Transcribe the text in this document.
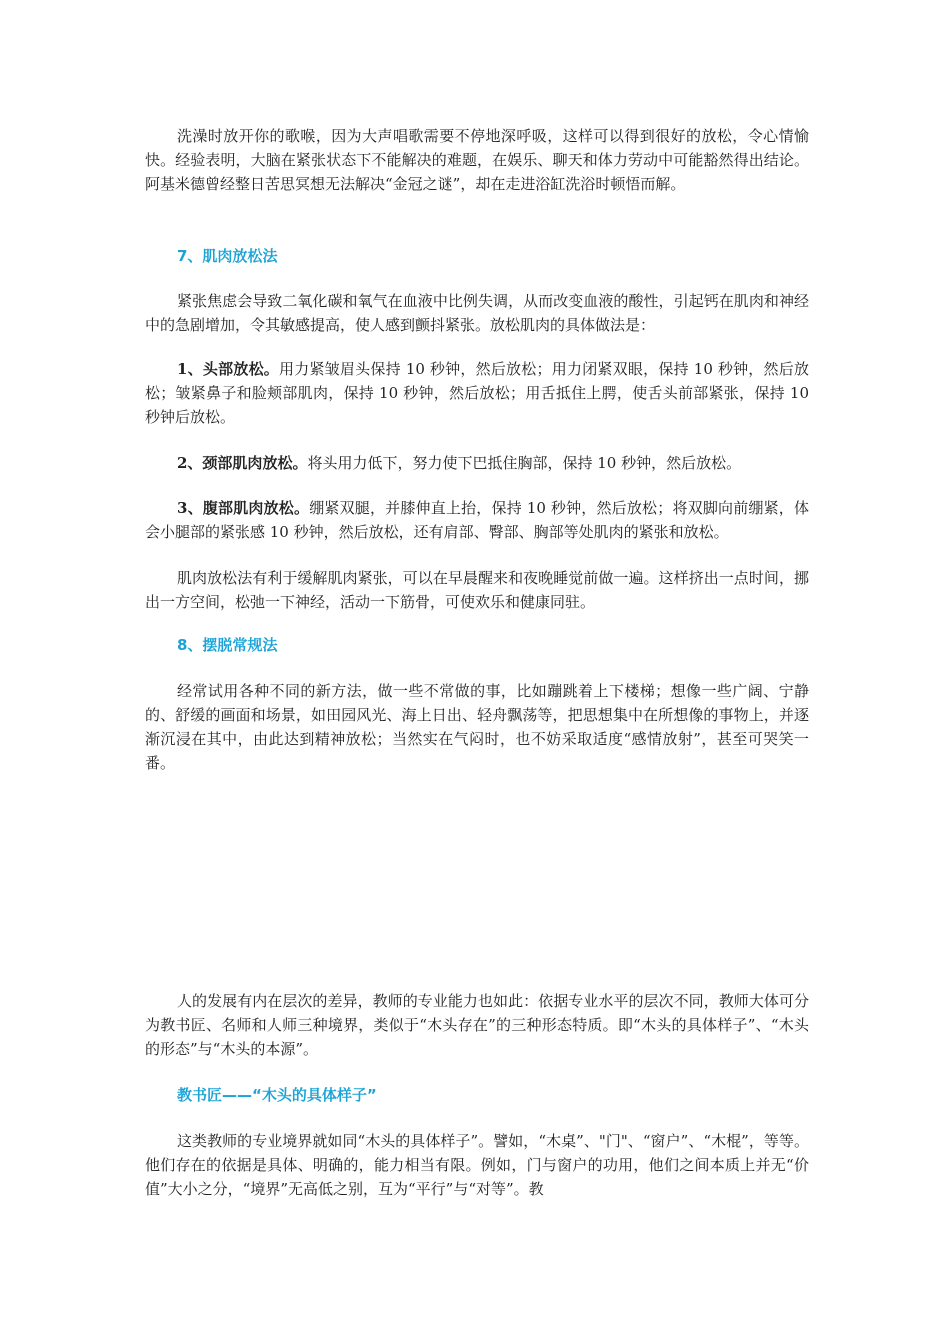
洗澡时放开你的歌喉，因为大声唱歌需要不停地深呼吸，这样可以得到很好的放松，令心情愉快。经验表明，大脑在紧张状态下不能解决的难题，在娱乐、聊天和体力劳动中可能豁然得出结论。阿基米德曾经整日苦思冥想无法解决“金冠之谜”，却在走进浴缸洗浴时顿悟而解。

7、肌肉放松法

紧张焦虑会导致二氧化碳和氧气在血液中比例失调，从而改变血液的酸性，引起钙在肌肉和神经中的急剧增加，令其敏感提高，使人感到颤抖紧张。放松肌肉的具体做法是：

1、头部放松。用力紧皱眉头保持 10 秒钟，然后放松；用力闭紧双眼，保持 10 秒钟，然后放松；皱紧鼻子和脸颊部肌肉，保持 10 秒钟，然后放松；用舌抵住上腭，使舌头前部紧张，保持 10 秒钟后放松。

2、颈部肌肉放松。将头用力低下，努力使下巴抵住胸部，保持 10 秒钟，然后放松。

3、腹部肌肉放松。绷紧双腿，并膝伸直上抬，保持 10 秒钟，然后放松；将双脚向前绷紧，体会小腿部的紧张感 10 秒钟，然后放松，还有肩部、臀部、胸部等处肌肉的紧张和放松。

肌肉放松法有利于缓解肌肉紧张，可以在早晨醒来和夜晚睡觉前做一遍。这样挤出一点时间，挪出一方空间，松弛一下神经，活动一下筋骨，可使欢乐和健康同驻。

8、摆脱常规法

经常试用各种不同的新方法，做一些不常做的事，比如蹦跳着上下楼梯；想像一些广阔、宁静的、舒缓的画面和场景，如田园风光、海上日出、轻舟飘荡等，把思想集中在所想像的事物上，并逐渐沉浸在其中，由此达到精神放松；当然实在气闷时，也不妨采取适度“感情放射”，甚至可哭笑一番。

人的发展有内在层次的差异，教师的专业能力也如此：依据专业水平的层次不同，教师大体可分为教书匠、名师和人师三种境界，类似于“木头存在”的三种形态特质。即“木头的具体样子”、“木头的形态”与“木头的本源”。

教书匠——“木头的具体样子”

这类教师的专业境界就如同“木头的具体样子”。譬如，“木桌”、"门"、“窗户”、“木棍”，等等。他们存在的依据是具体、明确的，能力相当有限。例如，门与窗户的功用，他们之间本质上并无“价值”大小之分，“境界”无高低之别，互为“平行”与“对等”。教
